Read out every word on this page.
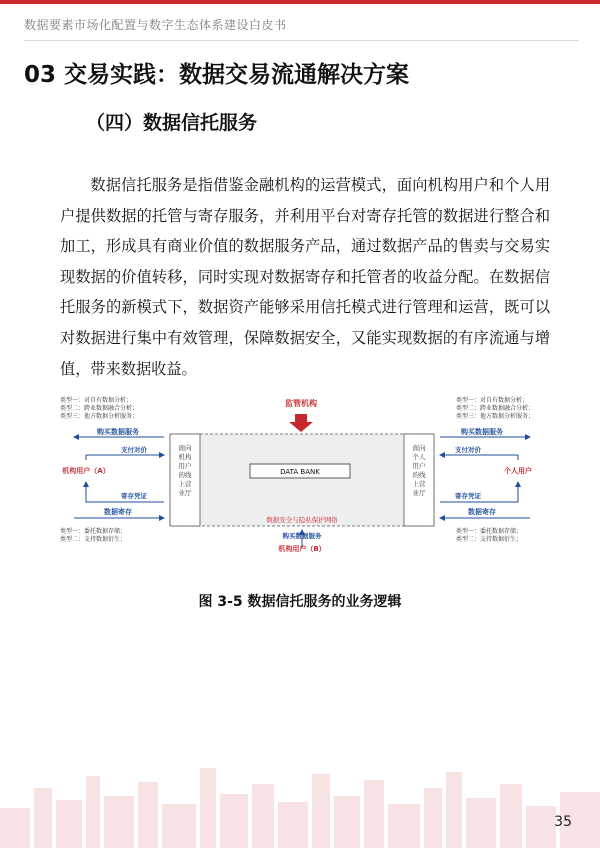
数据要素市场化配置与数字生态体系建设白皮书
03 交易实践：数据交易流通解决方案
（四）数据信托服务

数据信托服务是指借鉴金融机构的运营模式，面向机构用户和个人用户提供数据的托管与寄存服务，并利用平台对寄存托管的数据进行整合和加工，形成具有商业价值的数据服务产品，通过数据产品的售卖与交易实现数据的价值转移，同时实现对数据寄存和托管者的收益分配。在数据信托服务的新模式下，数据资产能够采用信托模式进行管理和运营，既可以对数据进行集中有效管理，保障数据安全，又能实现数据的有序流通与增值，带来数据收益。

类型一：对自有数据分析；
类型二：跨业数据融合分析；
类型三：他方数据分析服务；
类型一：对自有数据分析；
类型二：跨业数据融合分析；
类型三：他方数据分析服务；
监管机构
DATA BANK
面向
机构
用户
的线
上营
业厅
面向
个人
用户
的线
上营
业厅
购买数据服务
支付对价
机构用户（A）
寄存凭证
数据寄存
购买数据服务
支付对价
个人用户
寄存凭证
数据寄存
类型一：委托数据存储；
类型二：支持数据衍生；
类型一：委托数据存储；
类型二：支持数据衍生；
数据安全与隐私保护网络
购买数据服务
机构用户（B）
图 3-5 数据信托服务的业务逻辑
35
